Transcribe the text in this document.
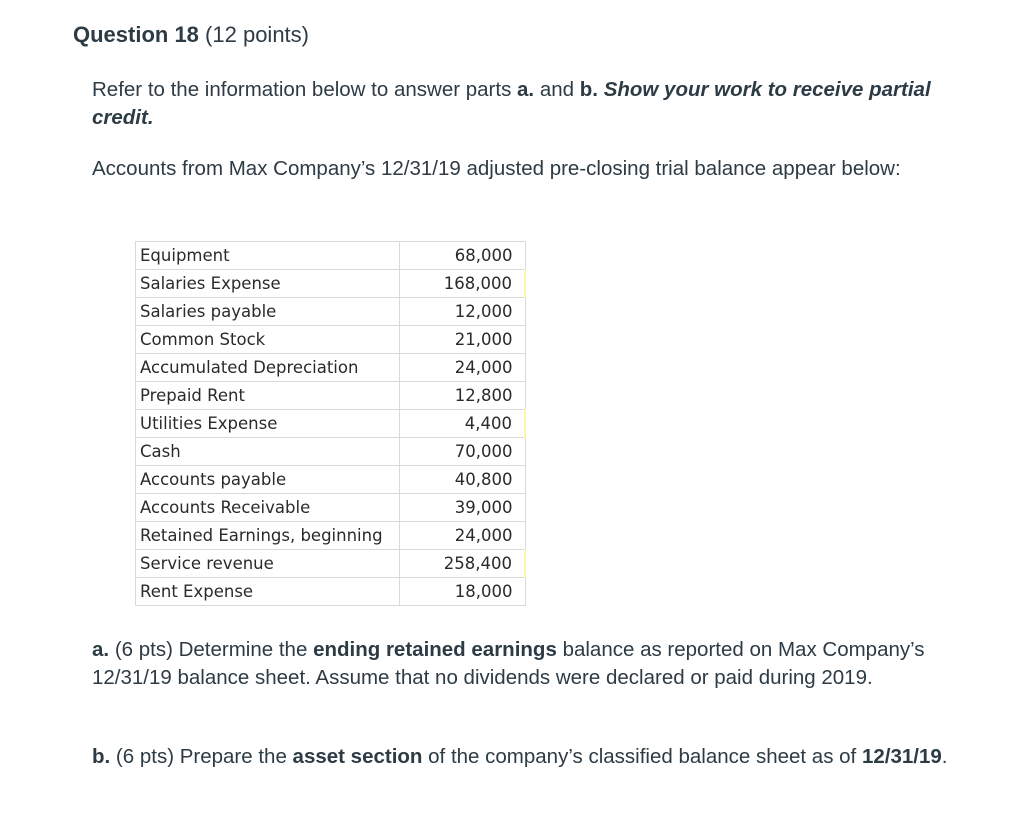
Question 18 (12 points)
Refer to the information below to answer parts a. and b. Show your work to receive partial credit.
Accounts from Max Company’s 12/31/19 adjusted pre-closing trial balance appear below:
a. (6 pts) Determine the ending retained earnings balance as reported on Max Company’s 12/31/19 balance sheet. Assume that no dividends were declared or paid during 2019.
b. (6 pts) Prepare the asset section of the company’s classified balance sheet as of 12/31/19.
Equipment	68,000
Salaries Expense	168,000
Salaries payable	12,000
Common Stock	21,000
Accumulated Depreciation	24,000
Prepaid Rent	12,800
Utilities Expense	4,400
Cash	70,000
Accounts payable	40,800
Accounts Receivable	39,000
Retained Earnings, beginning	24,000
Service revenue	258,400
Rent Expense	18,000
